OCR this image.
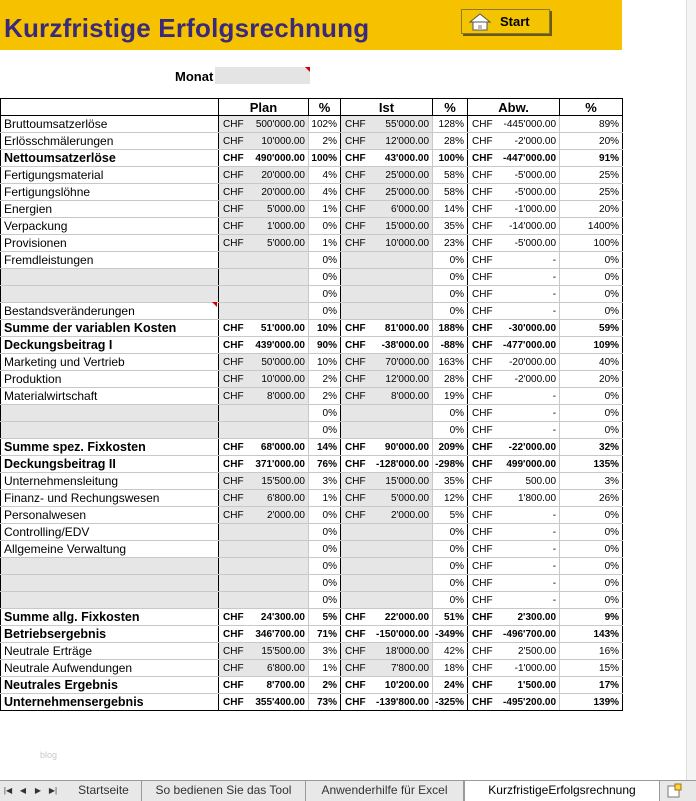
Kurzfristige Erfolgsrechnung	Start
Monat
	Plan		%	Ist		%	Abw.		%
Bruttoumsatzerlöse	CHF	500'000.00	102%	CHF	55'000.00	128%	CHF	-445'000.00	89%
Erlösschmälerungen	CHF	10'000.00	2%	CHF	12'000.00	28%	CHF	-2'000.00	20%
Nettoumsatzerlöse	CHF	490'000.00	100%	CHF	43'000.00	100%	CHF	-447'000.00	91%
Fertigungsmaterial	CHF	20'000.00	4%	CHF	25'000.00	58%	CHF	-5'000.00	25%
Fertigungslöhne	CHF	20'000.00	4%	CHF	25'000.00	58%	CHF	-5'000.00	25%
Energien	CHF	5'000.00	1%	CHF	6'000.00	14%	CHF	-1'000.00	20%
Verpackung	CHF	1'000.00	0%	CHF	15'000.00	35%	CHF	-14'000.00	1400%
Provisionen	CHF	5'000.00	1%	CHF	10'000.00	23%	CHF	-5'000.00	100%
Fremdleistungen			0%			0%	CHF	-	0%
			0%			0%	CHF	-	0%
			0%			0%	CHF	-	0%
Bestandsveränderungen			0%			0%	CHF	-	0%
Summe der variablen Kosten	CHF	51'000.00	10%	CHF	81'000.00	188%	CHF	-30'000.00	59%
Deckungsbeitrag I	CHF	439'000.00	90%	CHF	-38'000.00	-88%	CHF	-477'000.00	109%
Marketing und Vertrieb	CHF	50'000.00	10%	CHF	70'000.00	163%	CHF	-20'000.00	40%
Produktion	CHF	10'000.00	2%	CHF	12'000.00	28%	CHF	-2'000.00	20%
Materialwirtschaft	CHF	8'000.00	2%	CHF	8'000.00	19%	CHF	-	0%
			0%			0%	CHF	-	0%
			0%			0%	CHF	-	0%
Summe spez. Fixkosten	CHF	68'000.00	14%	CHF	90'000.00	209%	CHF	-22'000.00	32%
Deckungsbeitrag II	CHF	371'000.00	76%	CHF	-128'000.00	-298%	CHF	499'000.00	135%
Unternehmensleitung	CHF	15'500.00	3%	CHF	15'000.00	35%	CHF	500.00	3%
Finanz- und Rechungswesen	CHF	6'800.00	1%	CHF	5'000.00	12%	CHF	1'800.00	26%
Personalwesen	CHF	2'000.00	0%	CHF	2'000.00	5%	CHF	-	0%
Controlling/EDV			0%			0%	CHF	-	0%
Allgemeine Verwaltung			0%			0%	CHF	-	0%
			0%			0%	CHF	-	0%
			0%			0%	CHF	-	0%
			0%			0%	CHF	-	0%
Summe allg. Fixkosten	CHF	24'300.00	5%	CHF	22'000.00	51%	CHF	2'300.00	9%
Betriebsergebnis	CHF	346'700.00	71%	CHF	-150'000.00	-349%	CHF	-496'700.00	143%
Neutrale Erträge	CHF	15'500.00	3%	CHF	18'000.00	42%	CHF	2'500.00	16%
Neutrale Aufwendungen	CHF	6'800.00	1%	CHF	7'800.00	18%	CHF	-1'000.00	15%
Neutrales Ergebnis	CHF	8'700.00	2%	CHF	10'200.00	24%	CHF	1'500.00	17%
Unternehmensergebnis	CHF	355'400.00	73%	CHF	-139'800.00	-325%	CHF	-495'200.00	139%
blog
|◀ ◀	▶ ▶|	Startseite	So bedienen Sie das Tool	Anwenderhilfe für Excel	KurzfristigeErfolgsrechnung
